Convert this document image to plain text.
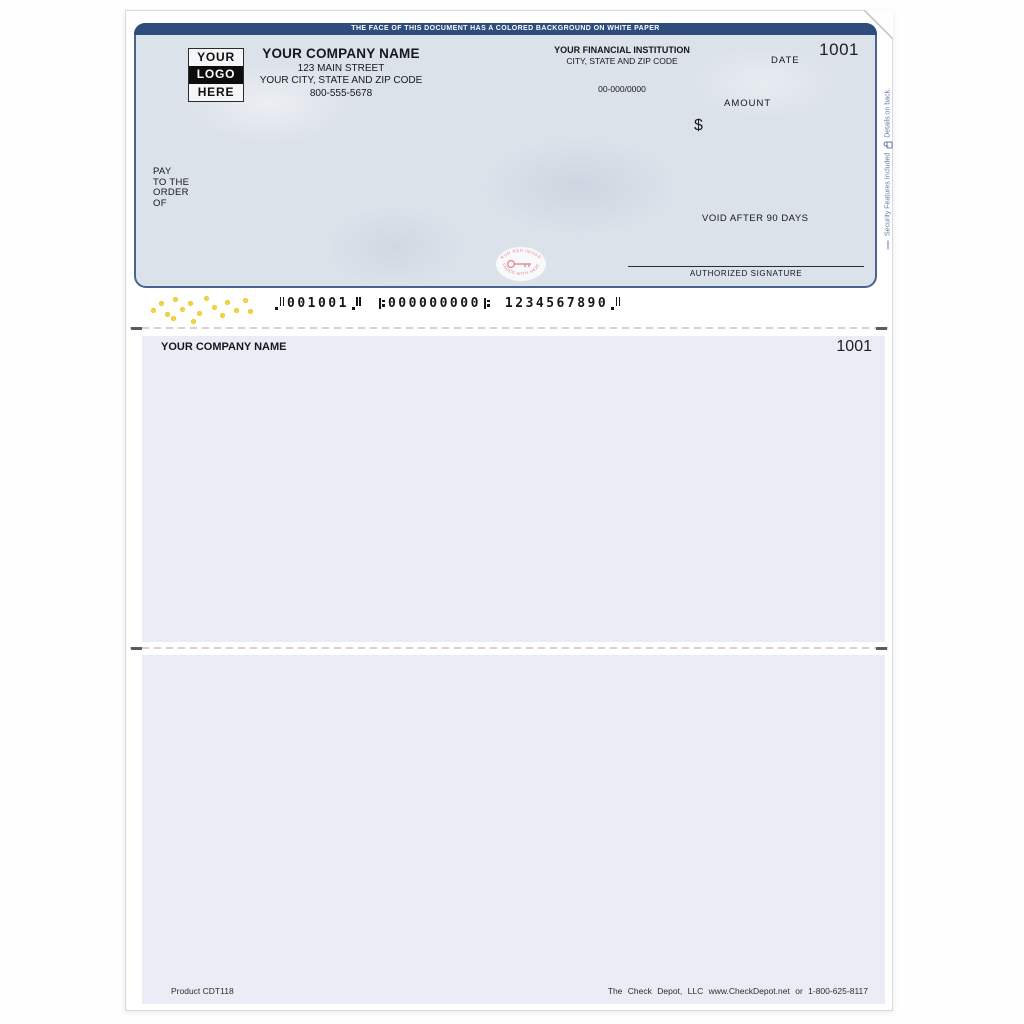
THE FACE OF THIS DOCUMENT HAS A COLORED BACKGROUND ON WHITE PAPER
YOUR
LOGO
HERE
YOUR COMPANY NAME
123 MAIN STREET
YOUR CITY, STATE AND ZIP CODE
800-555-5678
YOUR FINANCIAL INSTITUTION
CITY, STATE AND ZIP CODE
00-000/0000
1001
DATE
AMOUNT
$
PAY
TO THE
ORDER
OF
VOID AFTER 90 DAYS
AUTHORIZED SIGNATURE
RUB RED IMAGE
FADES WITH HEAT
Security Features Included
Details on back.
001001	000000000 1234567890
YOUR COMPANY NAME	1001
Product CDT118	The Check Depot, LLC www.CheckDepot.net or 1-800-625-8117
